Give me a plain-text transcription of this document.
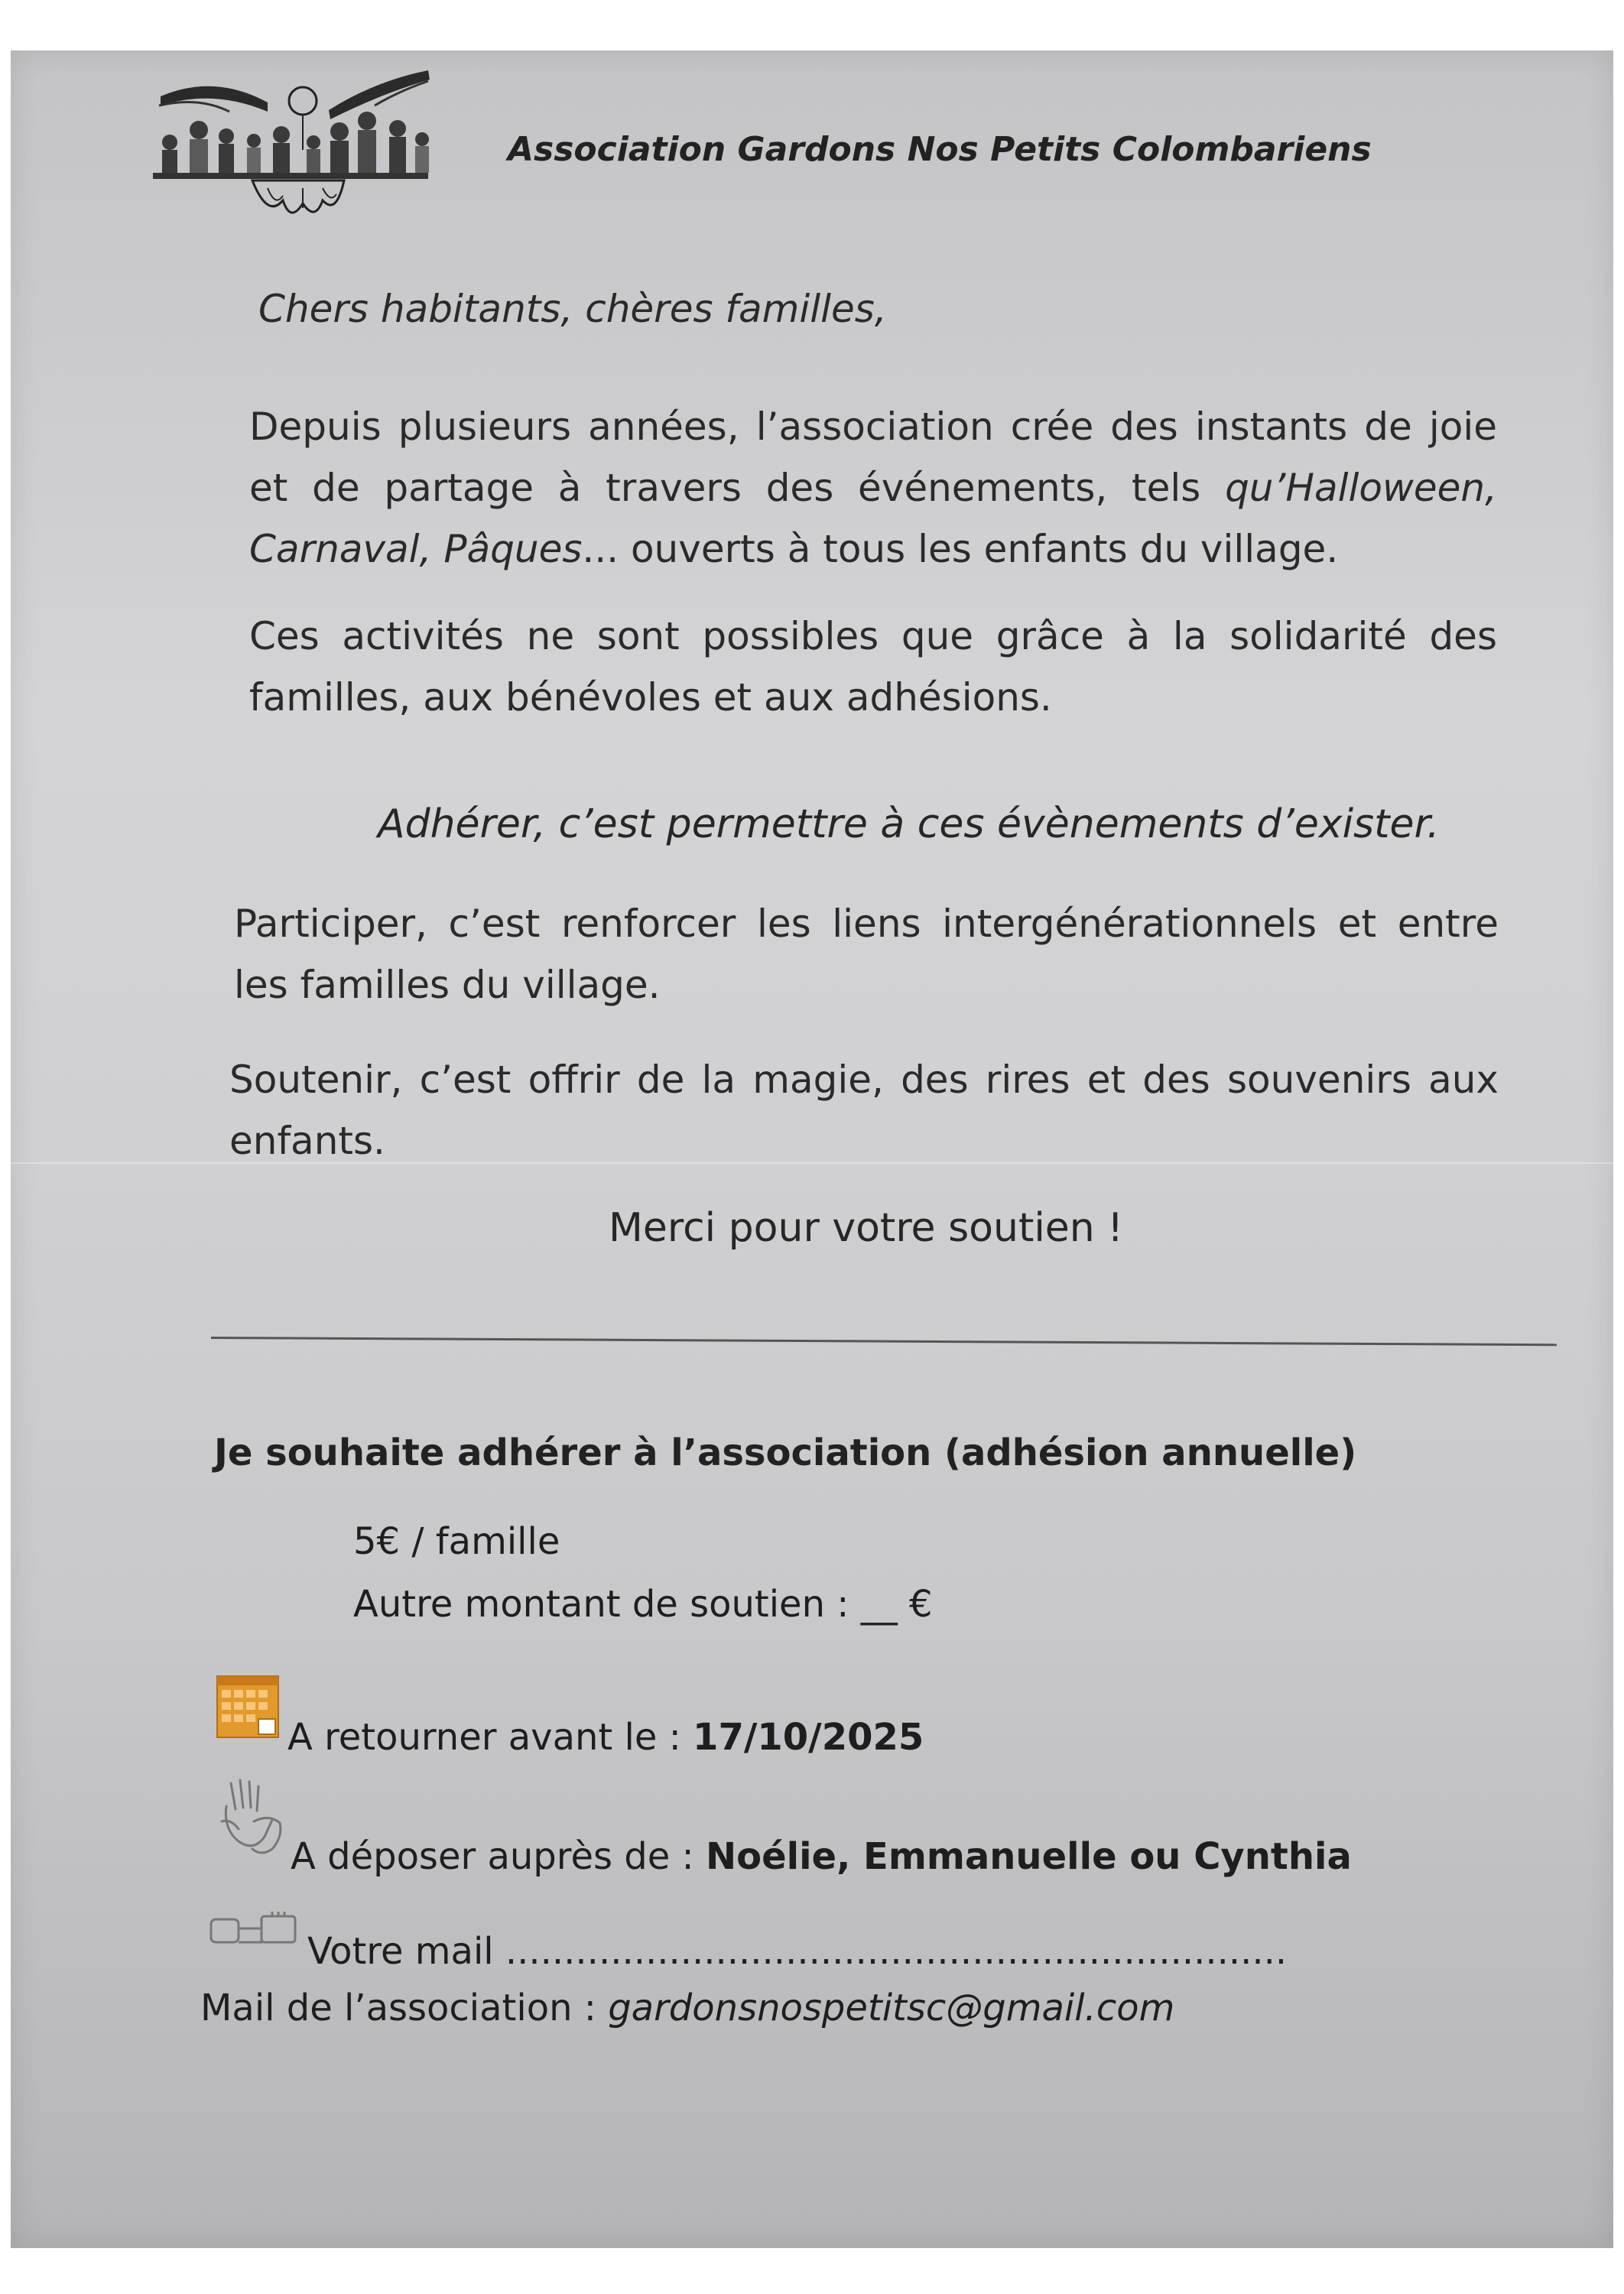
Association Gardons Nos Petits Colombariens
Chers habitants, chères familles,
Depuis plusieurs années, l’association crée des instants de joie et de partage à travers des événements, tels qu’Halloween, Carnaval, Pâques... ouverts à tous les enfants du village.
Ces activités ne sont possibles que grâce à la solidarité des familles, aux bénévoles et aux adhésions.
Adhérer, c’est permettre à ces évènements d’exister.
Participer, c’est renforcer les liens intergénérationnels et entre les familles du village.
Soutenir, c’est offrir de la magie, des rires et des souvenirs aux enfants.
Merci pour votre soutien !
Je souhaite adhérer à l’association (adhésion annuelle)
5€ / famille
Autre montant de soutien : __ €
A retourner avant le : 17/10/2025
A déposer auprès de : Noélie, Emmanuelle ou Cynthia
Votre mail ...................................................................
Mail de l’association : gardonsnospetitsc@gmail.com
